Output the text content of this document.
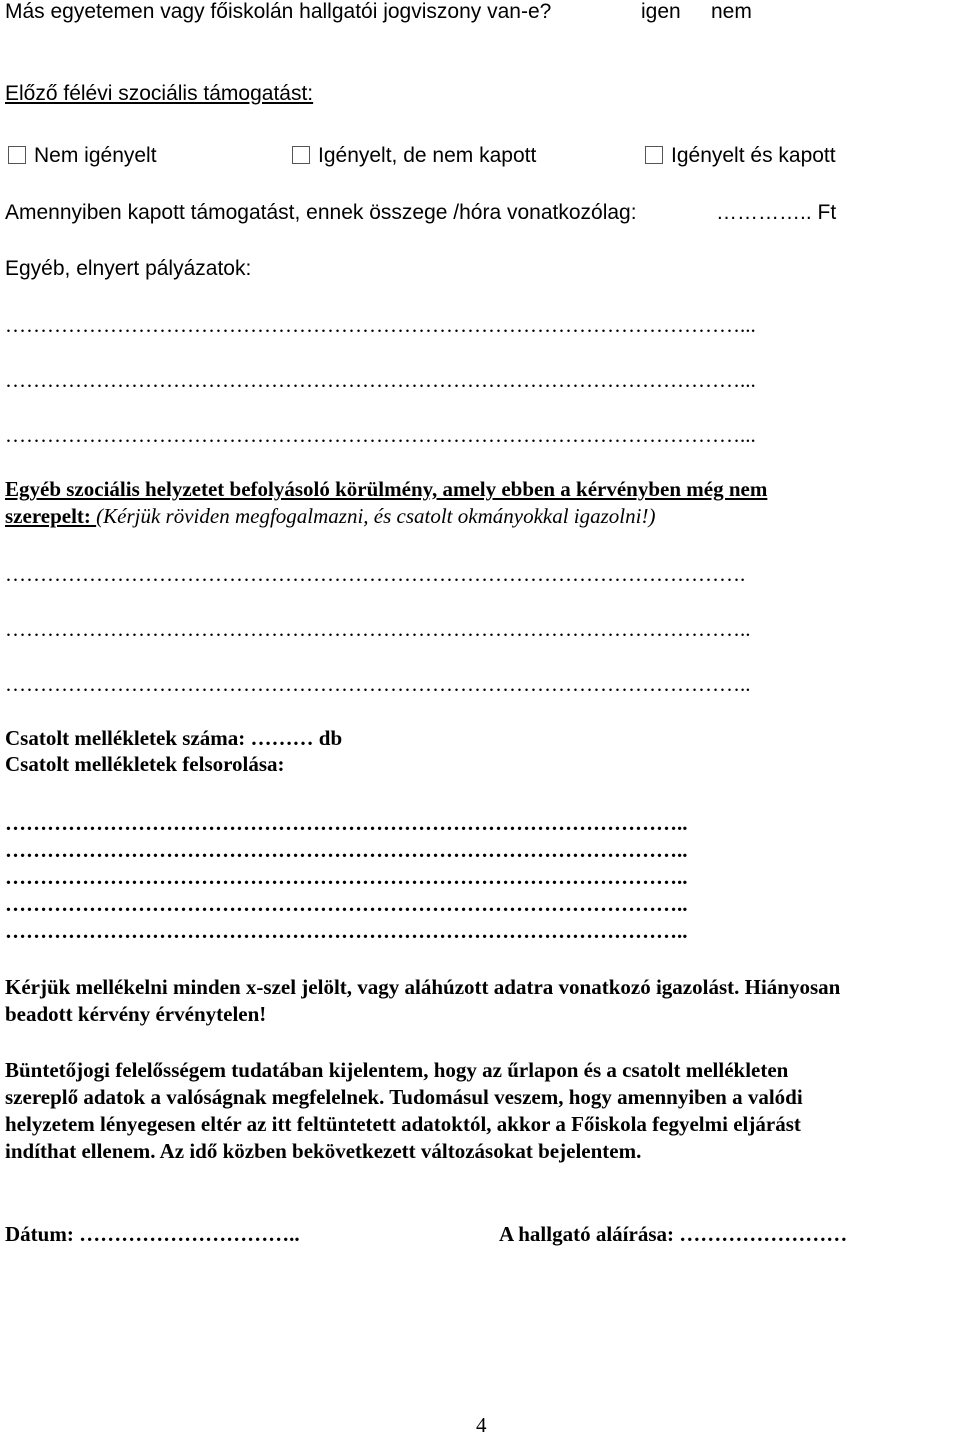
Más egyetemen vagy főiskolán hallgatói jogviszony van-e?	igen nem
Előző félévi szociális támogatást:
Nem igényelt	Igényelt, de nem kapott	Igényelt és kapott
Amennyiben kapott támogatást, ennek összege /hóra vonatkozólag:	………….. Ft
Egyéb, elnyert pályázatok:
……………………………………………………………………………………………...
……………………………………………………………………………………………...
……………………………………………………………………………………………...
Egyéb szociális helyzetet befolyásoló körülmény, amely ebben a kérvényben még nem
szerepelt: (Kérjük röviden megfogalmazni, és csatolt okmányokkal igazolni!)
…………………………………………………………………………………………….
……………………………………………………………………………………………..
……………………………………………………………………………………………..
Csatolt mellékletek száma: ……… db
Csatolt mellékletek felsorolása:
……………………………………………………………………………………..
……………………………………………………………………………………..
……………………………………………………………………………………..
……………………………………………………………………………………..
……………………………………………………………………………………..
Kérjük mellékelni minden x-szel jelölt, vagy aláhúzott adatra vonatkozó igazolást. Hiányosan
beadott kérvény érvénytelen!
Büntetőjogi felelősségem tudatában kijelentem, hogy az űrlapon és a csatolt mellékleten
szereplő adatok a valóságnak megfelelnek. Tudomásul veszem, hogy amennyiben a valódi
helyzetem lényegesen eltér az itt feltüntetett adatoktól, akkor a Főiskola fegyelmi eljárást
indíthat ellenem. Az idő közben bekövetkezett változásokat bejelentem.
Dátum: …………………………..	A hallgató aláírása: ……………………
4
